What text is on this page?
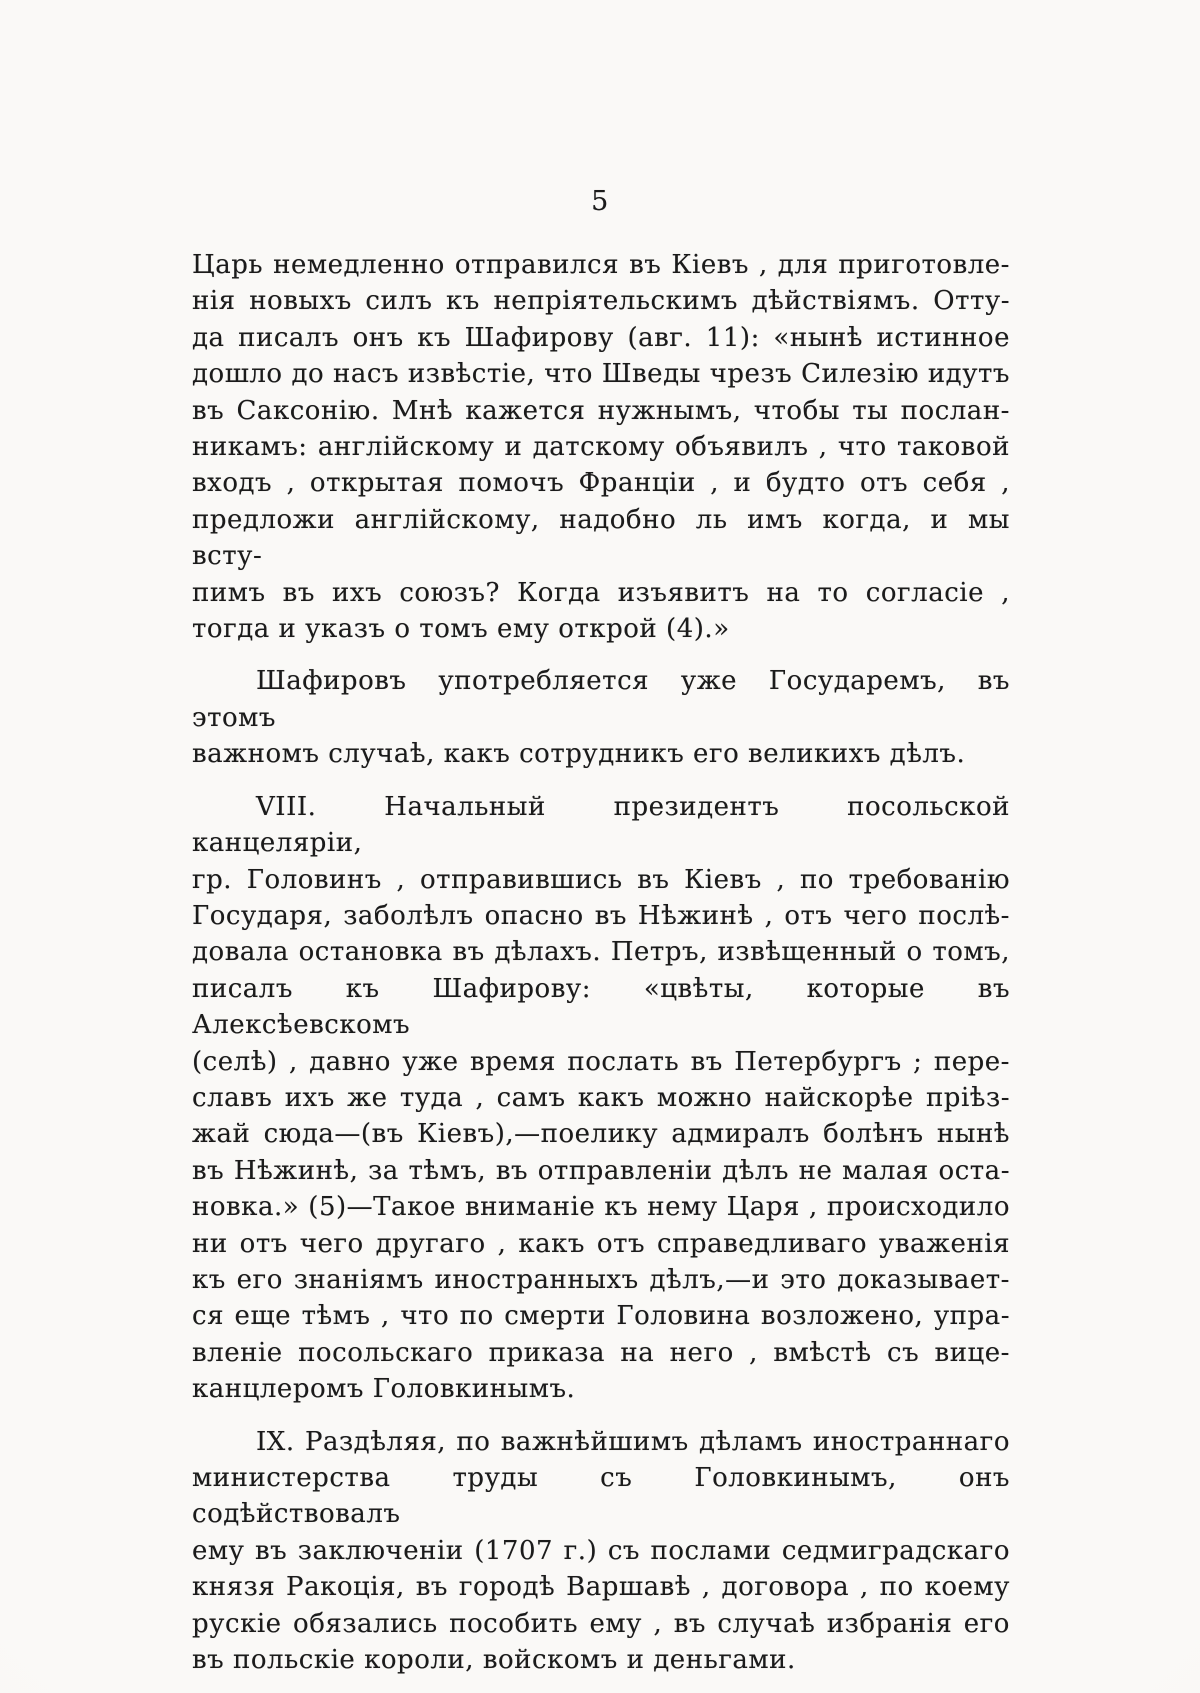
5
Царь немедленно отправился въ Кіевъ , для приготовле-
нія новыхъ силъ къ непріятельскимъ дѣйствіямъ. Отту-
да писалъ онъ къ Шафирову (авг. 11): «нынѣ истинное
дошло до насъ извѣстіе, что Шведы чрезъ Силезію идутъ
въ Саксонію. Мнѣ кажется нужнымъ, чтобы ты послан-
никамъ: англійскому и датскому объявилъ , что таковой
входъ , открытая помочъ Франціи , и будто отъ себя ,
предложи англійскому, надобно ль имъ когда, и мы всту-
пимъ въ ихъ союзъ? Когда изъявитъ на то согласіе ,
тогда и указъ о томъ ему открой (4).»
Шафировъ употребляется уже Государемъ, въ этомъ
важномъ случаѣ, какъ сотрудникъ его великихъ дѣлъ.
VIII. Начальный президентъ посольской канцеляріи,
гр. Головинъ , отправившись въ Кіевъ , по требованію
Государя, заболѣлъ опасно въ Нѣжинѣ , отъ чего послѣ-
довала остановка въ дѣлахъ. Петръ, извѣщенный о томъ,
писалъ къ Шафирову: «цвѣты, которые въ Алексѣевскомъ
(селѣ) , давно уже время послать въ Петербургъ ; пере-
славъ ихъ же туда , самъ какъ можно найскорѣе пріѣз-
жай сюда—(въ Кіевъ),—поелику адмиралъ болѣнъ нынѣ
въ Нѣжинѣ, за тѣмъ, въ отправленіи дѣлъ не малая оста-
новка.» (5)—Такое вниманіе къ нему Царя , происходило
ни отъ чего другаго , какъ отъ справедливаго уваженія
къ его знаніямъ иностранныхъ дѣлъ,—и это доказывает-
ся еще тѣмъ , что по смерти Головина возложено, упра-
вленіе посольскаго приказа на него , вмѣстѣ съ вице-
канцлеромъ Головкинымъ.
IX. Раздѣляя, по важнѣйшимъ дѣламъ иностраннаго
министерства труды съ Головкинымъ, онъ содѣйствовалъ
ему въ заключеніи (1707 г.) съ послами седмиградскаго
князя Ракоція, въ городѣ Варшавѣ , договора , по коему
рускіе обязались пособить ему , въ случаѣ избранія его
въ польскіе короли, войскомъ и деньгами.
